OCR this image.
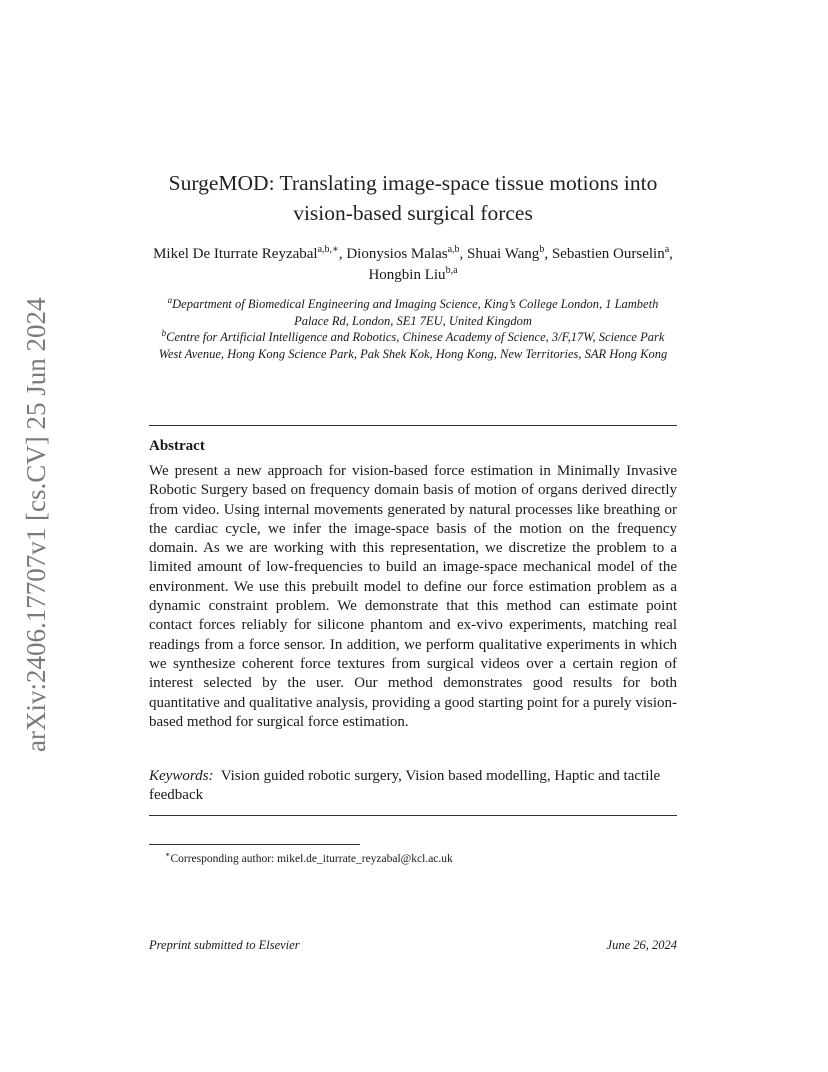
arXiv:2406.17707v1 [cs.CV] 25 Jun 2024
SurgeMOD: Translating image-space tissue motions into vision-based surgical forces
Mikel De Iturrate Reyzabal$^{a,b,∗}$, Dionysios Malas$^{a,b}$, Shuai Wang$^b$, Sebastien Ourselin$^a$, Hongbin Liu$^{b,a}$
$^a$Department of Biomedical Engineering and Imaging Science, King’s College London, 1 Lambeth Palace Rd, London, SE1 7EU, United Kingdom
$^b$Centre for Artificial Intelligence and Robotics, Chinese Academy of Science, 3/F,17W, Science Park West Avenue, Hong Kong Science Park, Pak Shek Kok, Hong Kong, New Territories, SAR Hong Kong
Abstract
We present a new approach for vision-based force estimation in Minimally Invasive Robotic Surgery based on frequency domain basis of motion of organs derived directly from video. Using internal movements generated by natural processes like breathing or the cardiac cycle, we infer the image-space basis of the motion on the frequency domain. As we are working with this representation, we discretize the problem to a limited amount of low-frequencies to build an image-space mechanical model of the environment. We use this prebuilt model to define our force estimation problem as a dynamic constraint problem. We demonstrate that this method can estimate point contact forces reliably for silicone phantom and ex-vivo experiments, matching real readings from a force sensor. In addition, we perform qualitative experiments in which we synthesize coherent force textures from surgical videos over a certain region of interest selected by the user. Our method demonstrates good results for both quantitative and qualitative analysis, providing a good starting point for a purely vision-based method for surgical force estimation.
Keywords: Vision guided robotic surgery, Vision based modelling, Haptic and tactile feedback
∗Corresponding author: mikel.de_iturrate_reyzabal@kcl.ac.uk
Preprint submitted to Elsevier	June 26, 2024
